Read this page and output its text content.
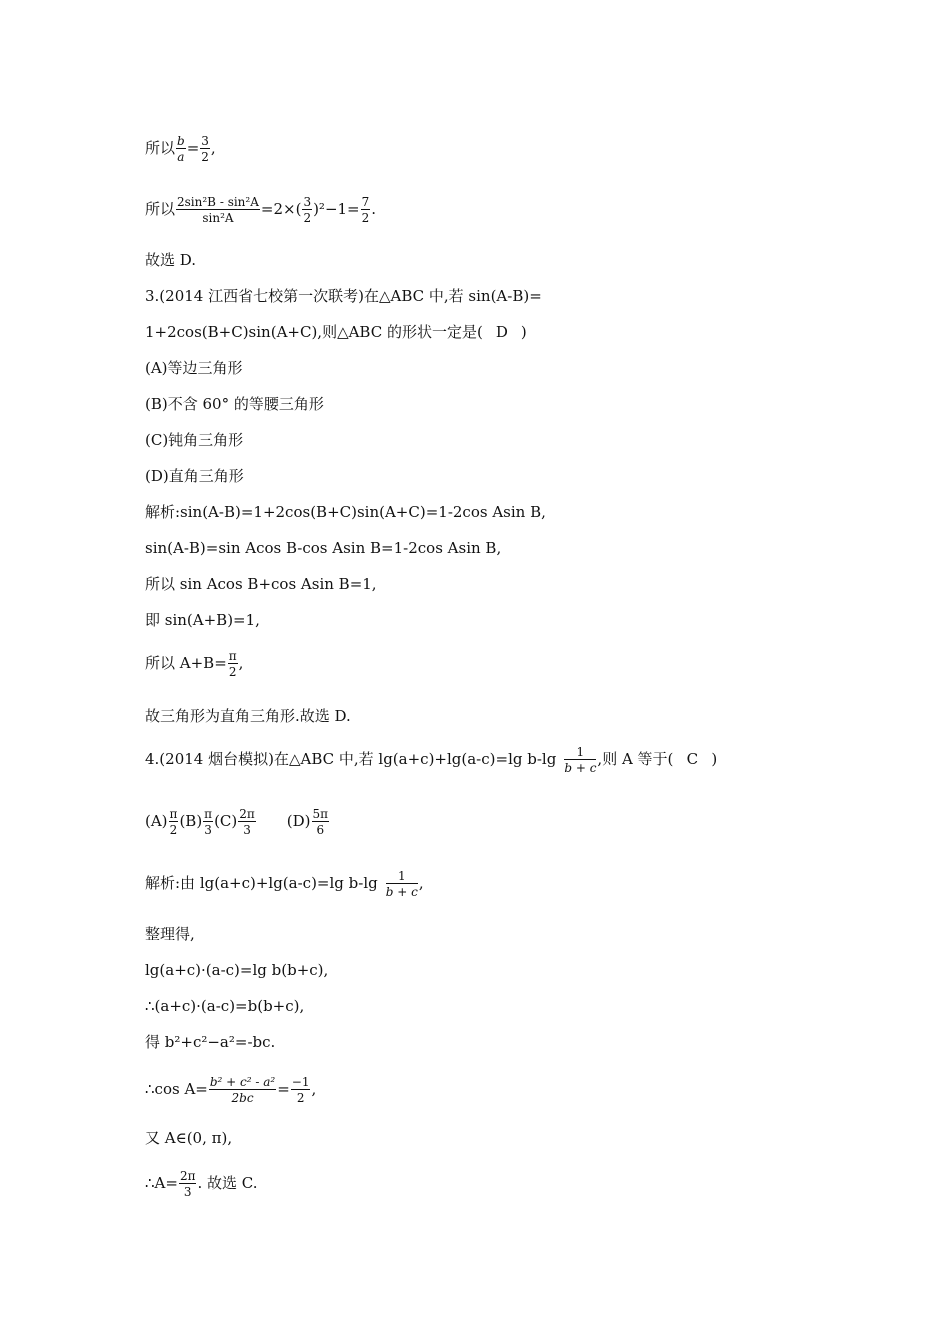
所以 $\frac{b}{a} = \frac{3}{2}$ ,
所以 $\frac{\text{2sin²B - sin²A}}{\text{sin²A}} =2\times( \frac{3}{2} )^2-1= \frac{7}{2}$ .
故选 D.
3.(2014 江西省七校第一次联考)在△ABC 中,若 sin(A-B)=
1+2cos(B+C)sin(A+C),则△ABC 的形状一定是( D )
(A)等边三角形
(B)不含 60° 的等腰三角形
(C)钝角三角形
(D)直角三角形
解析:sin(A-B)=1+2cos(B+C)sin(A+C)=1-2cos Asin B,
sin(A-B)=sin Acos B-cos Asin B=1-2cos Asin B,
所以 sin Acos B+cos Asin B=1,
即 sin(A+B)=1,
所以 $A+B= \frac{\pi}{2}$ ,
故三角形为直角三角形.故选 D.
4.(2014 烟台模拟)在△ABC 中,若 lg(a+c)+lg(a-c)=lg $b-\lg \frac{1}{b + c}$ ,则 A 等于( C )
$(A) \frac{\pi}{2} (B) \frac{\pi}{3} (C) \frac{2\pi}{3} (D) \frac{5\pi}{6}$
解析:由 lg(a+c)+lg(a-c)=lg $b-\lg \frac{1}{b + c}$ ,
整理得,
lg(a+c)·(a-c)=lg b(b+c),
∴(a+c)·(a-c)=b(b+c),
得 b²+c²−a²=-bc.
∴cos $A= \frac{\text{b² + c² - a²}}{2bc} = \frac{-1}{2}$ ,
又 A∈(0, π),
∴A= $\frac{2\pi}{3}$ . 故选 C.
